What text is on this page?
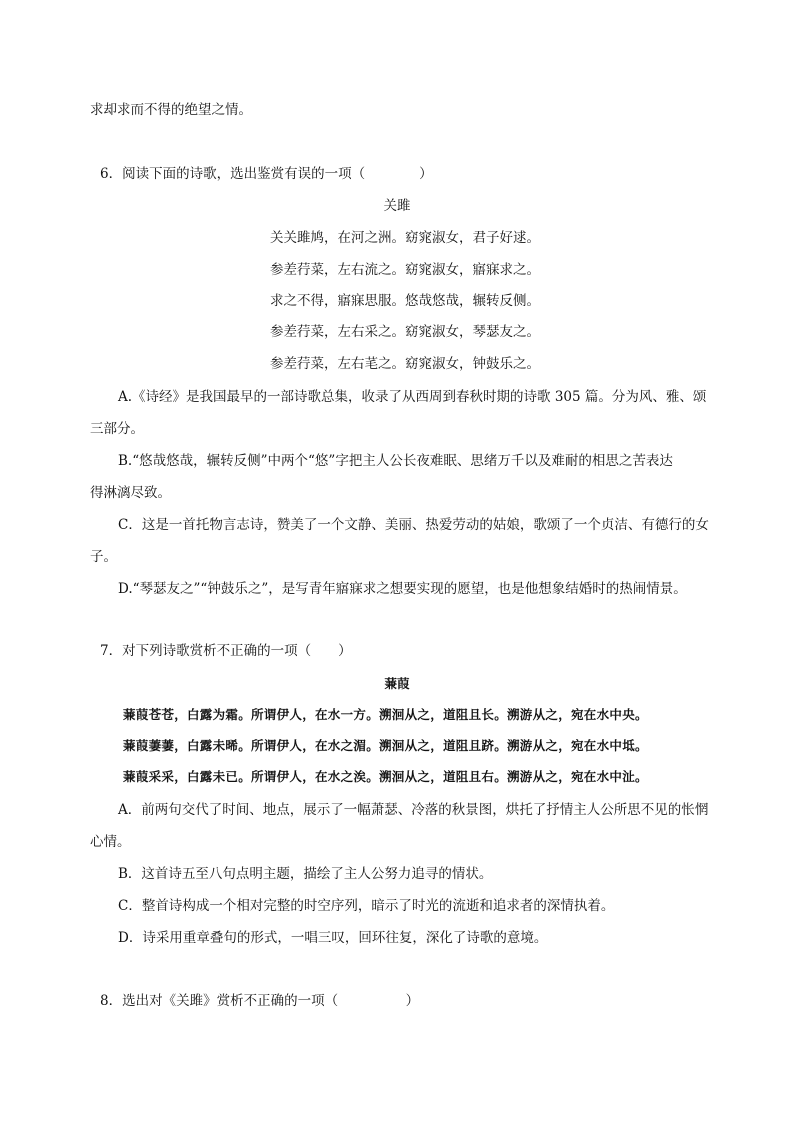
求却求而不得的绝望之情。
6．阅读下面的诗歌，选出鉴赏有误的一项（　　　　）
关雎
关关雎鸠，在河之洲。窈窕淑女，君子好逑。
参差荇菜，左右流之。窈窕淑女，寤寐求之。
求之不得，寤寐思服。悠哉悠哉，辗转反侧。
参差荇菜，左右采之。窈窕淑女，琴瑟友之。
参差荇菜，左右芼之。窈窕淑女，钟鼓乐之。
A.《诗经》是我国最早的一部诗歌总集，收录了从西周到春秋时期的诗歌 305 篇。分为风、雅、颂
三部分。
B.“悠哉悠哉，辗转反侧”中两个“悠”字把主人公长夜难眠、思绪万千以及难耐的相思之苦表达
得淋漓尽致。
C．这是一首托物言志诗，赞美了一个文静、美丽、热爱劳动的姑娘，歌颂了一个贞洁、有德行的女
子。
D.“琴瑟友之”“钟鼓乐之”，是写青年寤寐求之想要实现的愿望，也是他想象结婚时的热闹情景。
7．对下列诗歌赏析不正确的一项（　　）
蒹葭
蒹葭苍苍，白露为霜。所谓伊人，在水一方。溯洄从之，道阻且长。溯游从之，宛在水中央。
蒹葭萋萋，白露未晞。所谓伊人，在水之湄。溯洄从之，道阻且跻。溯游从之，宛在水中坻。
蒹葭采采，白露未已。所谓伊人，在水之涘。溯洄从之，道阻且右。溯游从之，宛在水中沚。
A．前两句交代了时间、地点，展示了一幅萧瑟、冷落的秋景图，烘托了抒情主人公所思不见的怅惘
心情。
B．这首诗五至八句点明主题，描绘了主人公努力追寻的情状。
C．整首诗构成一个相对完整的时空序列，暗示了时光的流逝和追求者的深情执着。
D．诗采用重章叠句的形式，一唱三叹，回环往复，深化了诗歌的意境。
8．选出对《关雎》赏析不正确的一项（　　　　　）
